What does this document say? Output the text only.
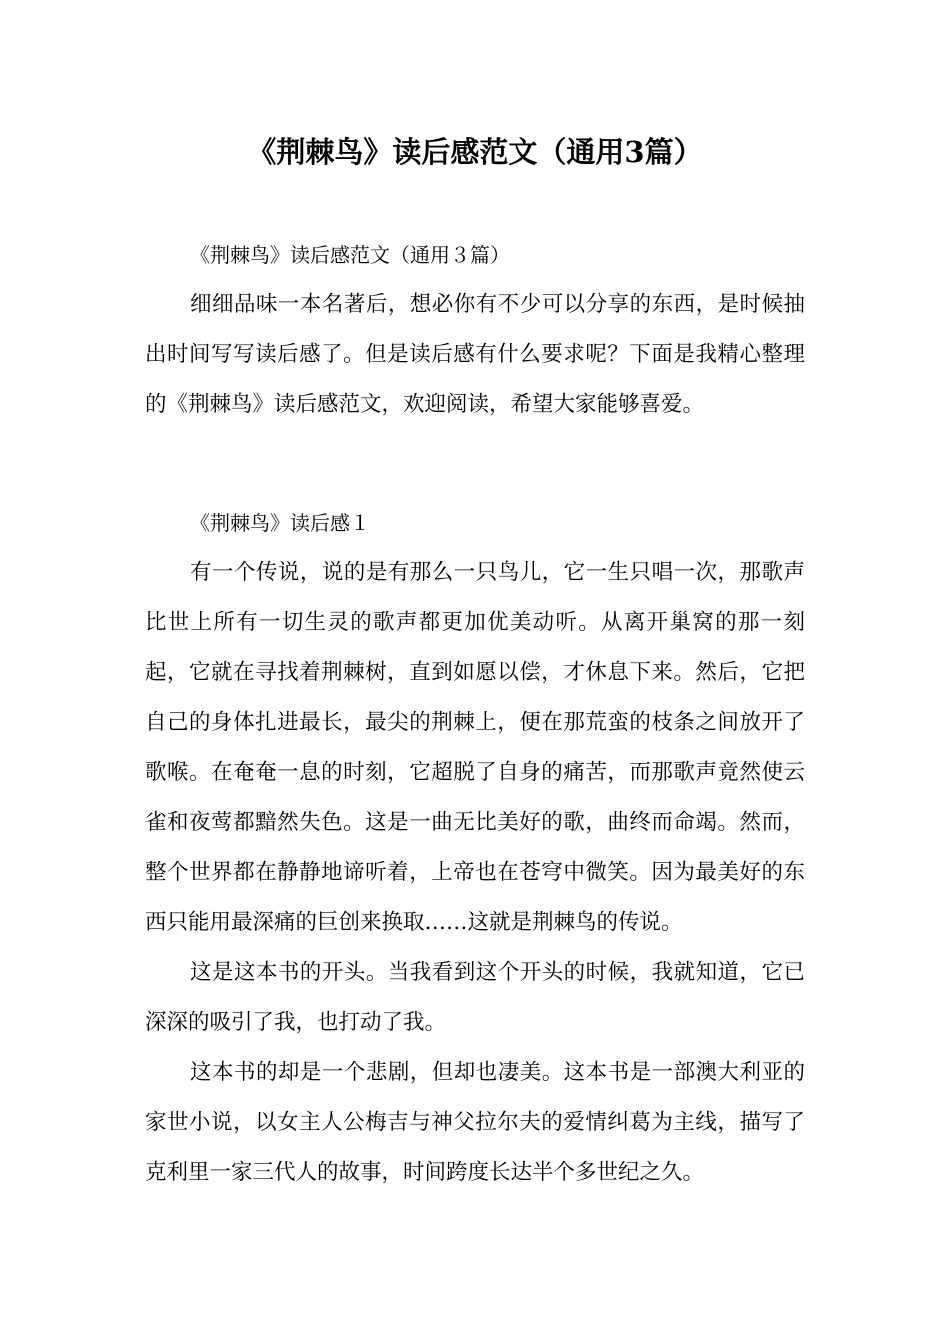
《荆棘鸟》读后感范文（通用3篇）

《荆棘鸟》读后感范文（通用３篇）

细细品味一本名著后，想必你有不少可以分享的东西，是时候抽出时间写写读后感了。但是读后感有什么要求呢？下面是我精心整理的《荆棘鸟》读后感范文，欢迎阅读，希望大家能够喜爱。

《荆棘鸟》读后感１

有一个传说，说的是有那么一只鸟儿，它一生只唱一次，那歌声比世上所有一切生灵的歌声都更加优美动听。从离开巢窝的那一刻起，它就在寻找着荆棘树，直到如愿以偿，才休息下来。然后，它把自己的身体扎进最长，最尖的荆棘上，便在那荒蛮的枝条之间放开了歌喉。在奄奄一息的时刻，它超脱了自身的痛苦，而那歌声竟然使云雀和夜莺都黯然失色。这是一曲无比美好的歌，曲终而命竭。然而，整个世界都在静静地谛听着，上帝也在苍穹中微笑。因为最美好的东西只能用最深痛的巨创来换取……这就是荆棘鸟的传说。

这是这本书的开头。当我看到这个开头的时候，我就知道，它已深深的吸引了我，也打动了我。

这本书的却是一个悲剧，但却也凄美。这本书是一部澳大利亚的家世小说，以女主人公梅吉与神父拉尔夫的爱情纠葛为主线，描写了克利里一家三代人的故事，时间跨度长达半个多世纪之久。
